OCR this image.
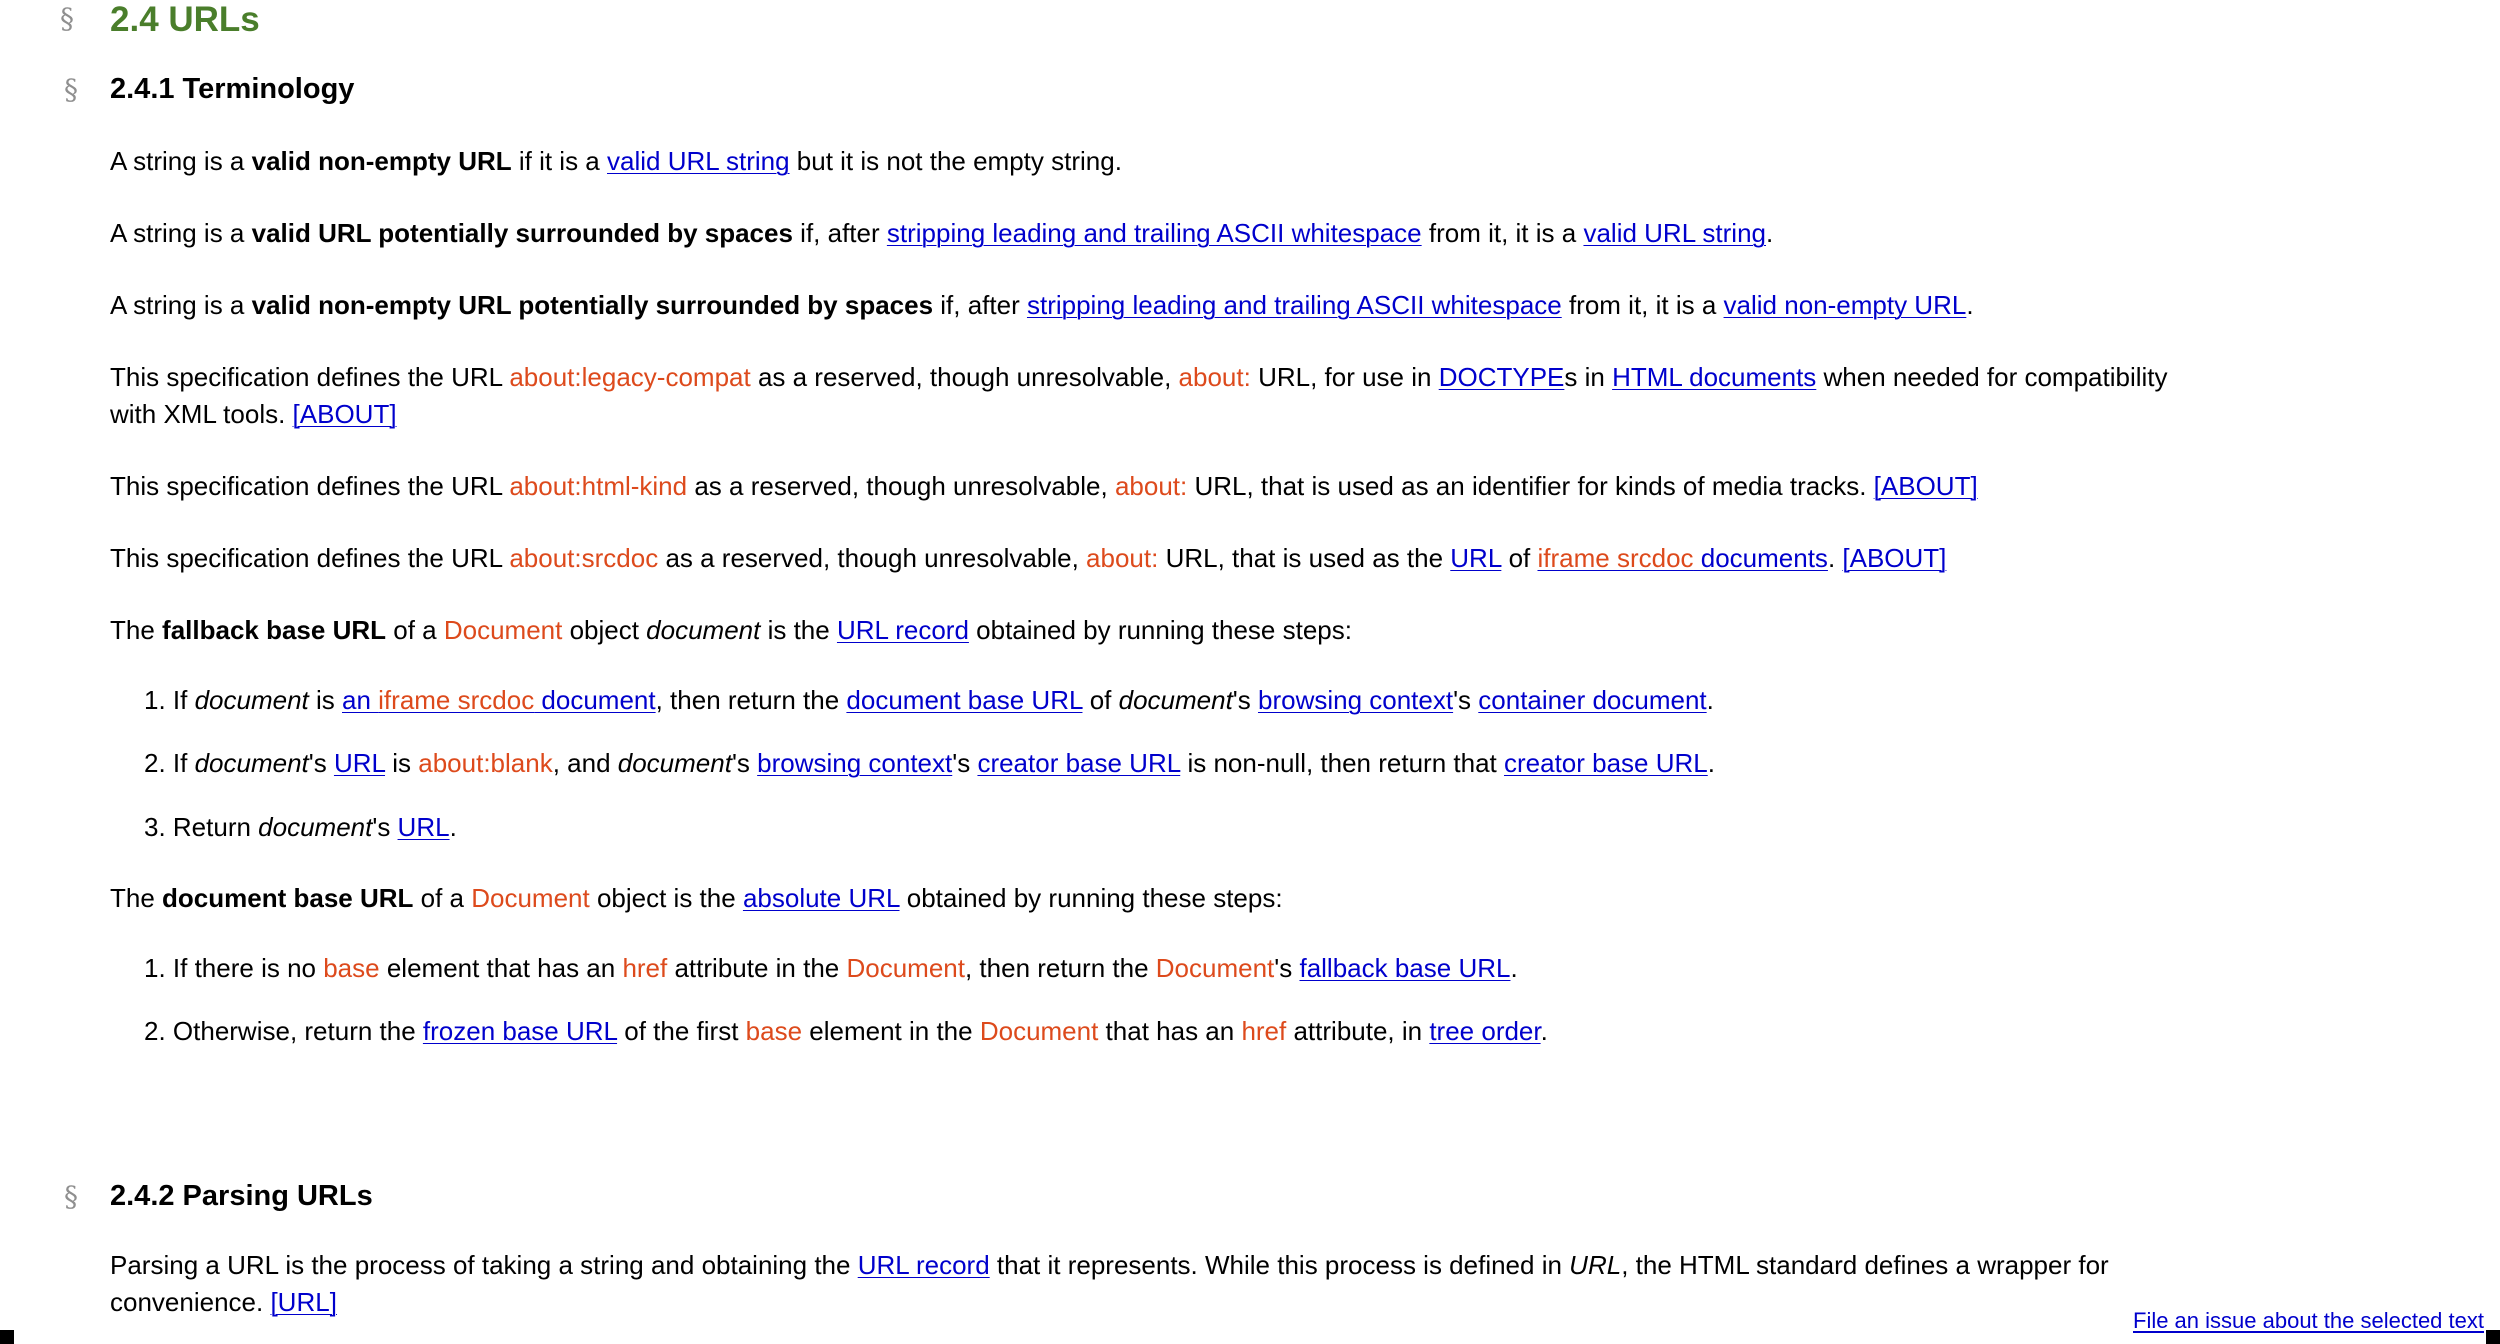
§ 2.4 URLs
§ 2.4.1 Terminology

A string is a valid non-empty URL if it is a valid URL string but it is not the empty string.

A string is a valid URL potentially surrounded by spaces if, after stripping leading and trailing ASCII whitespace from it, it is a valid URL string.

A string is a valid non-empty URL potentially surrounded by spaces if, after stripping leading and trailing ASCII whitespace from it, it is a valid non-empty URL.

This specification defines the URL about:legacy-compat as a reserved, though unresolvable, about: URL, for use in DOCTYPEs in HTML documents when needed for compatibility with XML tools. [ABOUT]

This specification defines the URL about:html-kind as a reserved, though unresolvable, about: URL, that is used as an identifier for kinds of media tracks. [ABOUT]

This specification defines the URL about:srcdoc as a reserved, though unresolvable, about: URL, that is used as the URL of iframe srcdoc documents. [ABOUT]

The fallback base URL of a Document object document is the URL record obtained by running these steps:

1. If document is an iframe srcdoc document, then return the document base URL of document's browsing context's container document.

2. If document's URL is about:blank, and document's browsing context's creator base URL is non-null, then return that creator base URL.

3. Return document's URL.

The document base URL of a Document object is the absolute URL obtained by running these steps:

1. If there is no base element that has an href attribute in the Document, then return the Document's fallback base URL.

2. Otherwise, return the frozen base URL of the first base element in the Document that has an href attribute, in tree order.

§ 2.4.2 Parsing URLs

Parsing a URL is the process of taking a string and obtaining the URL record that it represents. While this process is defined in URL, the HTML standard defines a wrapper for convenience. [URL]

File an issue about the selected text
